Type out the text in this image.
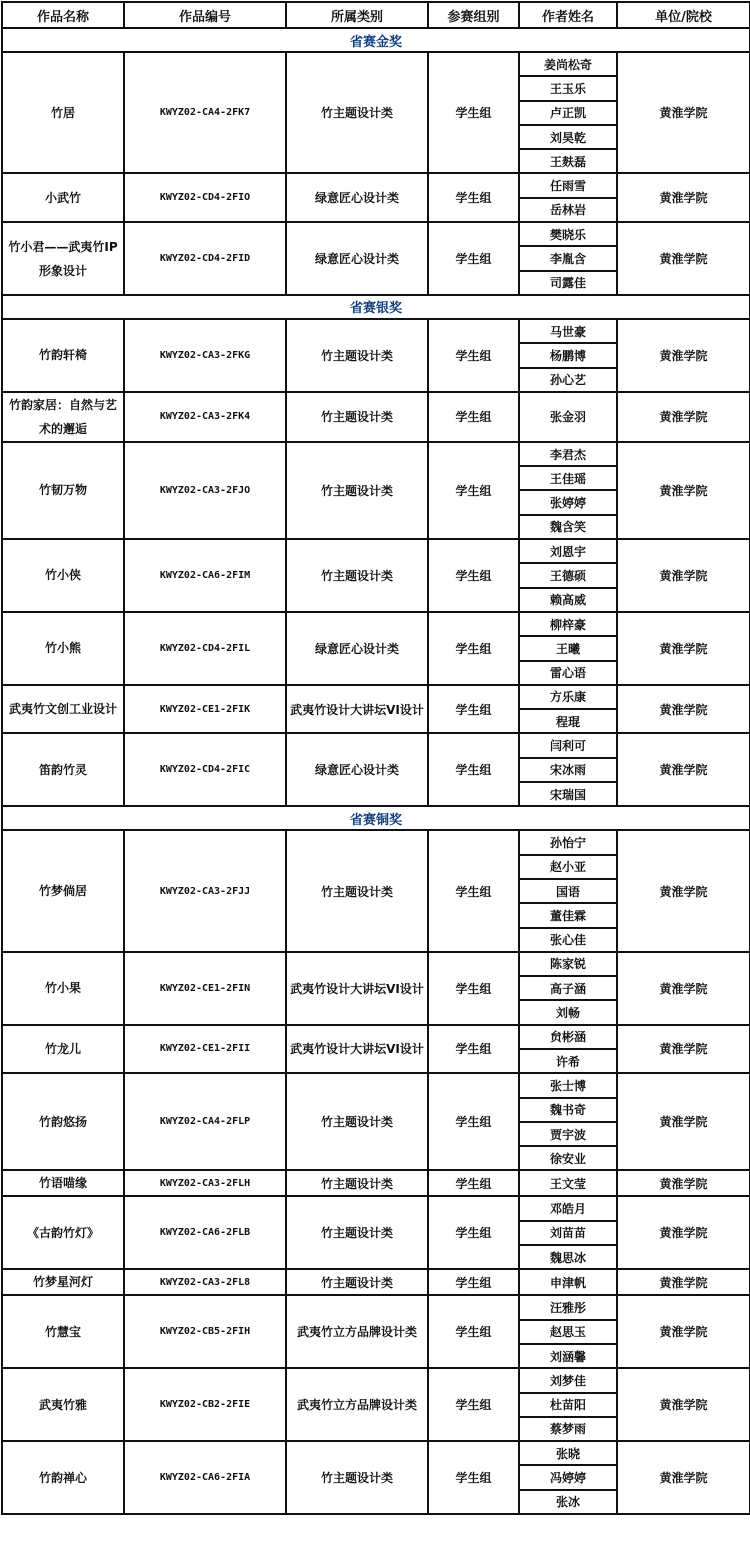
作品名称	作品编号	所属类别	参赛组别	作者姓名	单位/院校
省赛金奖					
竹居	KWYZ02-CA4-2FK7	竹主题设计类	学生组	姜尚松奇	黄淮学院
				王玉乐	
				卢正凯	
				刘昊乾	
				王麸磊	
小武竹	KWYZ02-CD4-2FIO	绿意匠心设计类	学生组	任雨雪	黄淮学院
				岳林岩	
竹小君——武夷竹IP形象设计	KWYZ02-CD4-2FID	绿意匠心设计类	学生组	樊晓乐	黄淮学院
				李胤含	
				司露佳	
省赛银奖					
竹韵轩椅	KWYZ02-CA3-2FKG	竹主题设计类	学生组	马世豪	黄淮学院
				杨鹏博	
				孙心艺	
竹韵家居：自然与艺术的邂逅	KWYZ02-CA3-2FK4	竹主题设计类	学生组	张金羽	黄淮学院
竹韧万物	KWYZ02-CA3-2FJO	竹主题设计类	学生组	李君杰	黄淮学院
				王佳瑶	
				张婷婷	
				魏含笑	
竹小侠	KWYZ02-CA6-2FIM	竹主题设计类	学生组	刘恩宇	黄淮学院
				王德硕	
				赖高威	
竹小熊	KWYZ02-CD4-2FIL	绿意匠心设计类	学生组	柳梓豪	黄淮学院
				王曦	
				雷心语	
武夷竹文创工业设计	KWYZ02-CE1-2FIK	武夷竹设计大讲坛VI设计	学生组	方乐康	黄淮学院
				程琨	
笛韵竹灵	KWYZ02-CD4-2FIC	绿意匠心设计类	学生组	闫利可	黄淮学院
				宋冰雨	
				宋瑞国	
省赛铜奖					
竹梦倘居	KWYZ02-CA3-2FJJ	竹主题设计类	学生组	孙怡宁	黄淮学院
				赵小亚	
				国语	
				董佳霖	
				张心佳	
竹小果	KWYZ02-CE1-2FIN	武夷竹设计大讲坛VI设计	学生组	陈家锐	黄淮学院
				高子涵	
				刘畅	
竹龙儿	KWYZ02-CE1-2FII	武夷竹设计大讲坛VI设计	学生组	贠彬涵	黄淮学院
				许希	
竹韵悠扬	KWYZ02-CA4-2FLP	竹主题设计类	学生组	张士博	黄淮学院
				魏书奇	
				贾宇波	
				徐安业	
竹语喵缘	KWYZ02-CA3-2FLH	竹主题设计类	学生组	王文莹	黄淮学院
《古韵竹灯》	KWYZ02-CA6-2FLB	竹主题设计类	学生组	邓皓月	黄淮学院
				刘苗苗	
				魏思冰	
竹梦星河灯	KWYZ02-CA3-2FL8	竹主题设计类	学生组	申津帆	黄淮学院
竹慧宝	KWYZ02-CB5-2FIH	武夷竹立方品牌设计类	学生组	汪雅彤	黄淮学院
				赵思玉	
				刘涵馨	
武夷竹雅	KWYZ02-CB2-2FIE	武夷竹立方品牌设计类	学生组	刘梦佳	黄淮学院
				杜苗阳	
				蔡梦雨	
竹韵禅心	KWYZ02-CA6-2FIA	竹主题设计类	学生组	张晓	黄淮学院
				冯婷婷	
				张冰	
